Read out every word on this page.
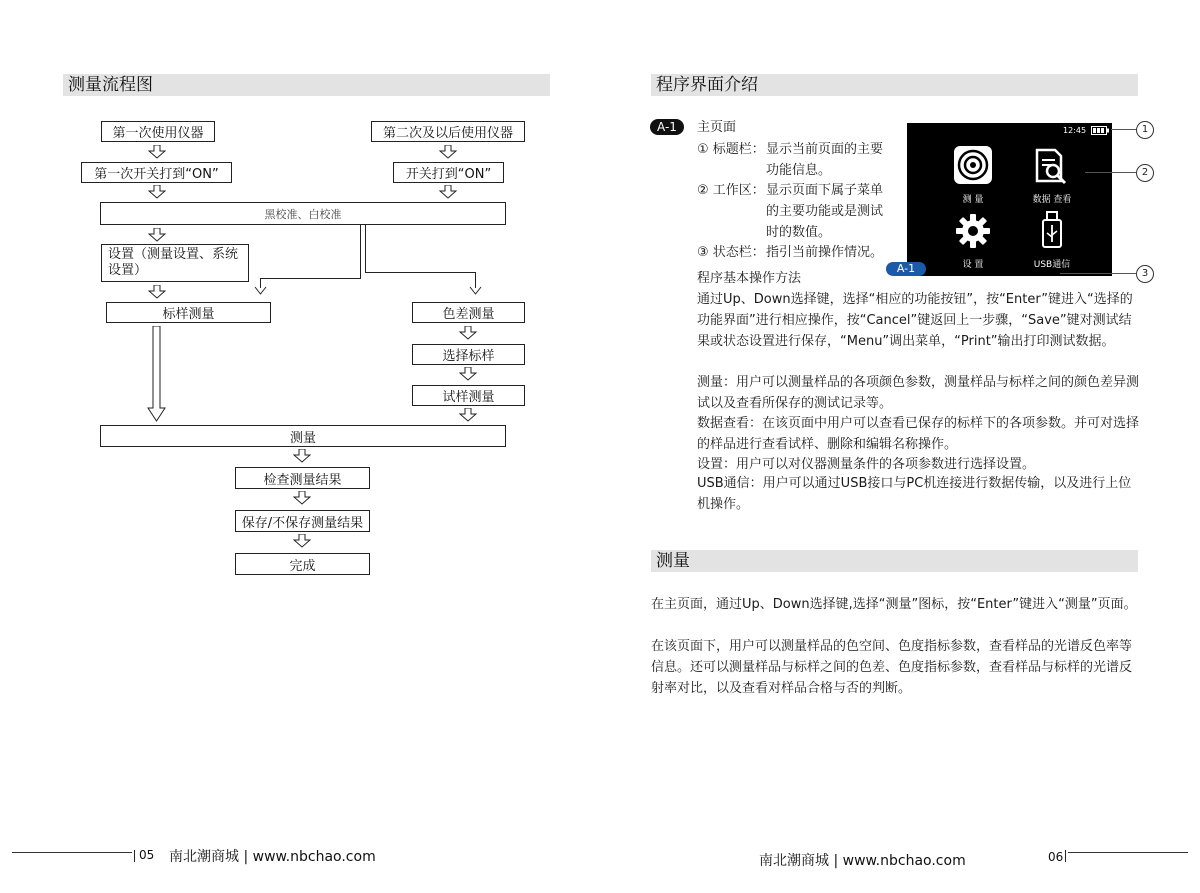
测量流程图
第一次使用仪器	第二次及以后使用仪器
第一次开关打到“ON”	开关打到“ON”
黑校准、白校准
设置（测量设置、系统设置）
标样测量	色差测量
选择标样
试样测量
测量
检查测量结果
保存/不保存测量结果
完成
05 南北潮商城 | www.nbchao.com
程序界面介绍
A-1	主页面
① 标题栏： 显示当前页面的主要功能信息。
② 工作区： 显示页面下属子菜单的主要功能或是测试时的数值。
③ 状态栏： 指引当前操作情况。
12:45
测 量	数据 查看
设 置	USB通信
A-1
1
2
3
程序基本操作方法
通过Up、Down选择键，选择“相应的功能按钮”，按“Enter”键进入“选择的功能界面”进行相应操作，按“Cancel”键返回上一步骤，“Save”键对测试结果或状态设置进行保存，“Menu”调出菜单，“Print”输出打印测试数据。
测量：用户可以测量样品的各项颜色参数，测量样品与标样之间的颜色差异测试以及查看所保存的测试记录等。
数据查看：在该页面中用户可以查看已保存的标样下的各项参数。并可对选择的样品进行查看试样、删除和编辑名称操作。
设置：用户可以对仪器测量条件的各项参数进行选择设置。
USB通信：用户可以通过USB接口与PC机连接进行数据传输，以及进行上位机操作。
测量
在主页面，通过Up、Down选择键,选择“测量”图标，按“Enter”键进入“测量”页面。
在该页面下，用户可以测量样品的色空间、色度指标参数，查看样品的光谱反色率等信息。还可以测量样品与标样之间的色差、色度指标参数，查看样品与标样的光谱反射率对比，以及查看对样品合格与否的判断。
南北潮商城 | www.nbchao.com	06
